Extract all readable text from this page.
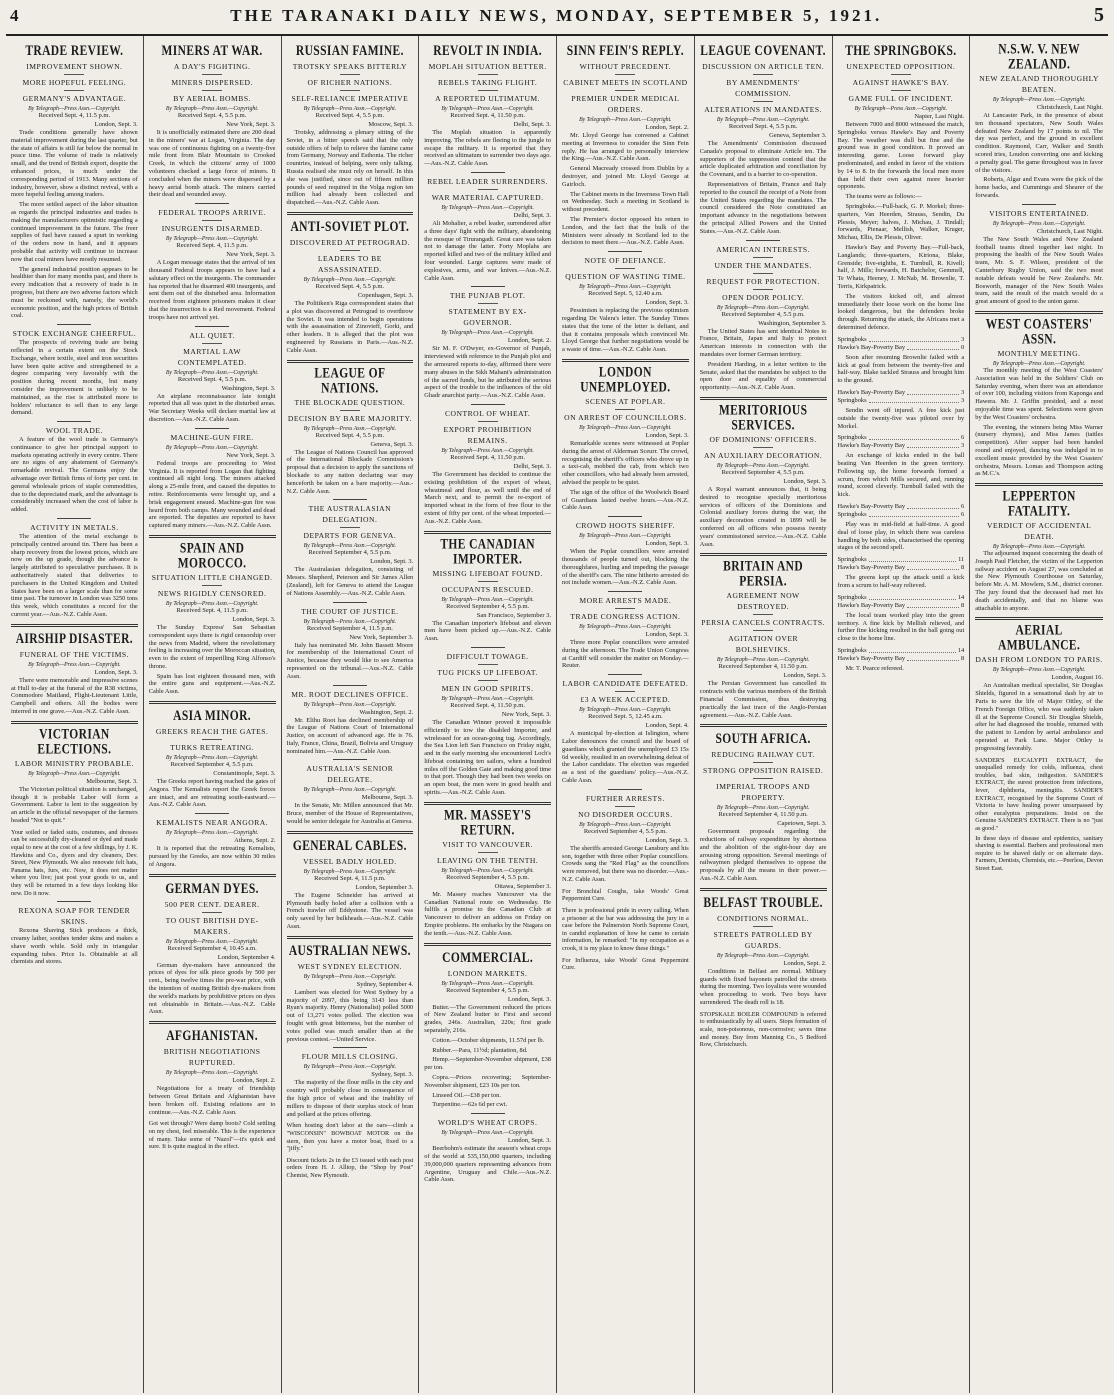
4	THE TARANAKI DAILY NEWS, MONDAY, SEPTEMBER 5, 1921.	5
TRADE REVIEW.
IMPROVEMENT SHOWN.
MORE HOPEFUL FEELING.
GERMANY'S ADVANTAGE.
By Telegraph—Press Assn.—Copyright.
Received Sept. 4, 11.5 p.m.
London, Sept. 3.

Trade conditions generally have shown material improvement during the last quarter, but the state of affairs is still far below the normal in peace time. The volume of trade is relatively small, and the trend of British export, despite the enhanced prices, is much under the corresponding period of 1913. Many sections of industry, however, show a distinct revival, with a more hopeful feeling among traders.

The more settled aspect of the labor situation as regards the principal industries and trades is making the manufacturers optimistic regarding a continued improvement in the future. The freer supplies of fuel have caused a spurt in working of the orders now in hand, and it appears probable that activity will continue to increase now that coal miners have mostly resumed.

The general industrial position appears to be healthier than for many months past, and there is every indication that a recovery of trade is in progress, but there are two adverse factors which must be reckoned with, namely, the world's economic position, and the high prices of British coal.

STOCK EXCHANGE CHEERFUL.

The prospects of reviving trade are being reflected in a certain extent on the Stock Exchange, where textile, steel and iron securities have been quite active and strengthened to a degree comparing very favorably with the position during recent months, but many consider the improvement is unlikely to be maintained, as the rise is attributed more to holders' reluctance to sell than to any large demand.

WOOL TRADE.

A feature of the wool trade is Germany's continuance to give her principal support to markets operating actively in every centre. There are no signs of any abatement of Germany's remarkable revival. The Germans enjoy the advantage over British firms of forty per cent. in general wholesale prices of staple commodities, due to the depreciated mark, and the advantage is considerably increased when the cost of labor is added.

ACTIVITY IN METALS.

The attention of the metal exchange is principally centred around tin. There has been a sharp recovery from the lowest prices, which are now on the up grade, though the advance is largely attributed to speculative purchases. It is authoritatively stated that deliveries to purchasers in the United Kingdom and United States have been on a larger scale than for some time past. The turnover in London was 3250 tons this week, which constitutes a record for the current year.—Aus.-N.Z. Cable Assn.

AIRSHIP DISASTER.
FUNERAL OF THE VICTIMS.
By Telegraph—Press Assn.—Copyright.
London, Sept. 3.

There were memorable and impressive scenes at Hull to-day at the funeral of the R38 victims, Commodore Maitland, Flight-Lieutenant Little, Campbell and others. All the bodies were interred in one grave.—Aus.-N.Z. Cable Assn.

VICTORIAN ELECTIONS.
LABOR MINISTRY PROBABLE.
By Telegraph—Press Assn.—Copyright.
Melbourne, Sept. 3.

The Victorian political situation is unchanged, though it is probable Labor will form a Government. Labor is lent to the suggestion by an article in the official newspaper of the farmers headed "Not to quit."

Your soiled or faded suits, costumes, and dresses can be successfully dry-cleaned or dyed and made equal to new at the cost of a few shillings, by J. K. Hawkins and Co., dyers and dry cleaners, Dev. Street, New Plymouth. We also renovate felt hats, Panama hats, furs, etc. Now, it does not matter where you live; just post your goods to us, and they will be returned in a few days looking like new. Do it now.

REXONA SOAP FOR TENDER SKINS.

Rexona Shaving Stick produces a thick, creamy lather, soothes tender skins and makes a shave worth while. Sold only in triangular expanding tubes. Price 1s. Obtainable at all chemists and stores.

MINERS AT WAR.
A DAY'S FIGHTING.
MINERS DISPERSED.
BY AERIAL BOMBS.
By Telegraph—Press Assn.—Copyright.
Received Sept. 4, 5.5 p.m.
New York, Sept. 3.

It is unofficially estimated there are 200 dead in the miners' war at Logan, Virginia. The day was one of continuous fighting on a twenty-five mile front from Blair Mountain to Crooked Creek, in which the citizens' army of 1000 volunteers checked a large force of miners. It concluded when the miners were dispersed by a heavy aerial bomb attack. The miners carried their dead and wounded away.

FEDERAL TROOPS ARRIVE.
INSURGENTS DISARMED.
By Telegraph—Press Assn.—Copyright.
Received Sept. 4, 11.5 p.m.
New York, Sept. 3.

A Logan message states that the arrival of ten thousand Federal troops appears to have had a salutary effect on the insurgents. The commander has reported that he disarmed 400 insurgents, and sent them out of the disturbed area. Information received from eighteen prisoners makes it clear that the insurrection is a Red movement. Federal troops have not arrived yet.

ALL QUIET.
MARTIAL LAW CONTEMPLATED.
By Telegraph—Press Assn.—Copyright.
Received Sept. 4, 5.5 p.m.
Washington, Sept. 3.

An airplane reconnaissance late tonight reported that all was quiet in the disturbed areas. War Secretary Weeks will declare martial law at discretion.—Aus.-N.Z. Cable Assn.

MACHINE-GUN FIRE.
By Telegraph—Press Assn.—Copyright.
New York, Sept. 3.

Federal troops are proceeding to West Virginia. It is reported from Logan that fighting continued all night long. The miners attacked along a 25-mile front, and caused the deputies to retire. Reinforcements were brought up, and a brisk engagement ensued. Machine-gun fire was heard from both camps. Many wounded and dead are reported. The deputies are reported to have captured many miners.—Aus.-N.Z. Cable Assn.

SPAIN AND MOROCCO.
SITUATION LITTLE CHANGED.
NEWS RIGIDLY CENSORED.
By Telegraph—Press Assn.—Copyright.
Received Sept. 4, 11.5 p.m.
London, Sept. 3.

The Sunday Express' San Sebastian correspondent says there is rigid censorship over the news from Madrid, where the revolutionary feeling is increasing over the Moroccan situation, even to the extent of imperilling King Alfonso's throne.

Spain has lost eighteen thousand men, with the entire guns and equipment.—Aus.-N.Z. Cable Assn.

ASIA MINOR.
GREEKS REACH THE GATES.
TURKS RETREATING.
By Telegraph—Press Assn.—Copyright.
Received September 4, 5.5 p.m.
Constantinople, Sept. 3.

The Greeks report having reached the gates of Angora. The Kemalists report the Greek forces are intact, and are retreating south-eastward.—Aus.-N.Z. Cable Assn.

KEMALISTS NEAR ANGORA.
By Telegraph—Press Assn.—Copyright.
Athens, Sept. 2.

It is reported that the retreating Kemalists, pursued by the Greeks, are now within 30 miles of Angora.

GERMAN DYES.
500 PER CENT. DEARER.
TO OUST BRITISH DYE-MAKERS.
By Telegraph—Press Assn.—Copyright.
Received September 4, 10.45 a.m.
London, September 4.

German dye-makers have announced the prices of dyes for silk piece goods by 500 per cent., being twelve times the pre-war price, with the intention of ousting British dye-makers from the world's markets by prohibitive prices on dyes not obtainable in Britain.—Aus.-N.Z. Cable Assn.

AFGHANISTAN.
BRITISH NEGOTIATIONS RUPTURED.
By Telegraph—Press Assn.—Copyright.
London, Sept. 2.

Negotiations for a treaty of friendship between Great Britain and Afghanistan have been broken off. Existing relations are to continue.—Aus.-N.Z. Cable Assn.

Got wet through? Were damp boots? Cold settling on my chest, feel miserable. This is the experience of many. Take some of "Nazol"—it's quick and sure. It is quite magical in the effect.

RUSSIAN FAMINE.
TROTSKY SPEAKS BITTERLY
OF RICHER NATIONS.
SELF-RELIANCE IMPERATIVE
By Telegraph—Press Assn.—Copyright.
Received Sept. 4, 5.5 p.m.
Moscow, Sept. 3.

Trotsky, addressing a plenary sitting of the Soviet, in a bitter speech said that the only outside offers of help to relieve the famine came from Germany, Norway and Esthonia. The richer countries, instead of helping, were only talking. Russia realised she must rely on herself. In this she was justified, since out of fifteen million pounds of seed required in the Volga region ten million had already been collected and dispatched.—Aus.-N.Z. Cable Assn.

ANTI-SOVIET PLOT.
DISCOVERED AT PETROGRAD.
LEADERS TO BE ASSASSINATED.
By Telegraph—Press Assn.—Copyright.
Received Sept. 4, 5.5 p.m.
Copenhagen, Sept. 3.

The Politiken's Riga correspondent states that a plot was discovered at Petrograd to overthrow the Soviet. It was intended to begin operations with the assassination of Zinovieff, Gorki, and other leaders. It is alleged that the plot was engineered by Russians in Paris.—Aus.-N.Z. Cable Assn.

LEAGUE OF NATIONS.
THE BLOCKADE QUESTION.
DECISION BY BARE MAJORITY.
By Telegraph—Press Assn.—Copyright.
Received Sept. 4, 5.5 p.m.
Geneva, Sept. 3.

The League of Nations Council has approved of the International Blockade Commission's proposal that a decision to apply the sanctions of blockade to any nation declaring war may henceforth be taken on a bare majority.—Aus.-N.Z. Cable Assn.

THE AUSTRALASIAN DELEGATION.
DEPARTS FOR GENEVA.
By Telegraph—Press Assn.—Copyright.
Received September 4, 5.5 p.m.
London, Sept. 3.

The Australasian delegation, consisting of Messrs. Shepherd, Peterson and Sir James Allen (Zealand), left for Geneva to attend the League of Nations Assembly.—Aus.-N.Z. Cable Assn.

THE COURT OF JUSTICE.
By Telegraph—Press Assn.—Copyright.
Received September 4, 11.5 p.m.
New York, September 3.

Italy has nominated Mr. John Bassett Moore for membership of the International Court of Justice, because they would like to see America represented on the tribunal.—Aus.-N.Z. Cable Assn.

MR. ROOT DECLINES OFFICE.
By Telegraph—Press Assn.—Copyright.
Washington, Sept. 2.

Mr. Elihu Root has declined membership of the League of Nations Court of International Justice, on account of advanced age. He is 76. Italy, France, China, Brazil, Bolivia and Uruguay nominated him.—Aus.-N.Z. Cable Assn.

AUSTRALIA'S SENIOR DELEGATE.
By Telegraph—Press Assn.—Copyright.
Melbourne, Sept. 3.

In the Senate, Mr. Millen announced that Mr. Bruce, member of the House of Representatives, would be senior delegate for Australia at Geneva.

GENERAL CABLES.
VESSEL BADLY HOLED.
By Telegraph—Press Assn.—Copyright.
Received Sept. 4, 11.5 p.m.
London, September 3.

The Eugene Schneider has arrived at Plymouth badly holed after a collision with a French trawler off Eddystone. The vessel was only saved by her bulkheads.—Aus.-N.Z. Cable Assn.

AUSTRALIAN NEWS.
WEST SYDNEY ELECTION.
By Telegraph—Press Assn.—Copyright.
Sydney, September 4.

Lambert was elected for West Sydney by a majority of 2097, this being 3143 less than Ryan's majority. Henry (Nationalist) polled 5000 out of 13,271 votes polled. The election was fought with great bitterness, but the number of votes polled was much smaller than at the previous contest.—United Service.

FLOUR MILLS CLOSING.
By Telegraph—Press Assn.—Copyright.
Sydney, Sept. 3.

The majority of the flour mills in the city and country will probably close in consequence of the high price of wheat and the inability of millers to dispose of their surplus stock of bran and pollard at the prices offering.

When hosting don't labor at the oars—climb a "WISCONSIN" BOWBOAT MOTOR on the stern, then you have a motor boat, fixed to a "jiffy."

Discount tickets 2s in the £3 issued with each post orders from H. J. Alltop, the "Shop by Post" Chemist, New Plymouth.

REVOLT IN INDIA.
MOPLAH SITUATION BETTER.
REBELS TAKING FLIGHT.
A REPORTED ULTIMATUM.
By Telegraph—Press Assn.—Copyright.
Received Sept. 4, 11.50 p.m.
Delhi, Sept. 3.

The Moplah situation is apparently improving. The rebels are fleeing to the jungle to escape the military. It is reported that they received an ultimatum to surrender two days ago.—Aus.-N.Z. Cable Assn.

REBEL LEADER SURRENDERS.
WAR MATERIAL CAPTURED.
By Telegraph—Press Assn.—Copyright.
Delhi, Sept. 3.

Ali Mohalier, a rebel leader, surrendered after a three days' fight with the military, abandoning the mosque of Tirurangadi. Great care was taken not to damage the latter. Forty Moplahs are reported killed and two of the military killed and four wounded. Large captures were made of explosives, arms, and war knives.—Aus.-N.Z. Cable Assn.

THE PUNJAB PLOT.
STATEMENT BY EX-GOVERNOR.
By Telegraph—Press Assn.—Copyright.
London, Sept. 2.

Sir M. F. O'Dwyer, ex-Governor of Punjab, interviewed with reference to the Punjab plot and the armoured reports to-day, affirmed there were many abuses in the Sikh Mahant's administration of the sacred funds, but he attributed the serious aspect of the trouble to the influences of the old Ghadr anarchist party.—Aus.-N.Z. Cable Assn.

CONTROL OF WHEAT.
EXPORT PROHIBITION REMAINS.
By Telegraph—Press Assn.—Copyright.
Received Sept. 4, 11.50 p.m.
Delhi, Sept. 3.

The Government has decided to continue the existing prohibition of the export of wheat, wheatmeal and flour, as well until the end of March next, and to permit the re-export of imported wheat in the form of free flour to the extent of fifty per cent. of the wheat imported.—Aus.-N.Z. Cable Assn.

THE CANADIAN IMPORTER.
MISSING LIFEBOAT FOUND.
OCCUPANTS RESCUED.
By Telegraph—Press Assn.—Copyright.
Received September 4, 5.5 p.m.
San Francisco, September 3.

The Canadian importer's lifeboat and eleven men have been picked up.—Aus.-N.Z. Cable Assn.

DIFFICULT TOWAGE.
TUG PICKS UP LIFEBOAT.
MEN IN GOOD SPIRITS.
By Telegraph—Press Assn.—Copyright.
Received Sept. 4, 11.50 p.m.
New York, Sept. 3.

The Canadian Winner proved it impossible efficiently to tow the disabled Importer, and wirelessed for an ocean-going tug. Accordingly, the Sea Lion left San Francisco on Friday night, and in the early morning she encountered Loch's lifeboat containing ten sailors, when a hundred miles off the Golden Gate and making good time to that port. Though they had been two weeks on an open boat, the men were in good health and spirits.—Aus.-N.Z. Cable Assn.

MR. MASSEY'S RETURN.
VISIT TO VANCOUVER.
LEAVING ON THE TENTH.
By Telegraph—Press Assn.—Copyright.
Received September 4, 5.5 p.m.
Ottawa, September 3.

Mr. Massey reaches Vancouver via the Canadian National route on Wednesday. He fulfils a promise to the Canadian Club at Vancouver to deliver an address on Friday on Empire problems. He embarks by the Niagara on the tenth.—Aus.-N.Z. Cable Assn.

COMMERCIAL.
LONDON MARKETS.
By Telegraph—Press Assn.—Copyright.
Received September 4, 5.5 p.m.
London, Sept. 3.

Butter.—The Government reduced the prices of New Zealand butter to First and second grades, 246s. Australian, 220s; first grade separately, 216s.

Cotton.—October shipments, 11.57d per lb.

Rubber.—Para, 11½d; plantation, 8d.

Hemp.—September-November shipment, £38 per ton.

Copra.—Prices recovering; September-November shipment, £23 10s per ton.

Linseed Oil.—£38 per ton.

Turpentine.—62s 6d per cwt.

WORLD'S WHEAT CROPS.
By Telegraph—Press Assn.—Copyright.
London, Sept. 3.

Beerbohm's estimate the season's wheat crops of the world at 535,150,000 quarters, including 39,000,000 quarters representing advances from Argentine, Uruguay and Chile.—Aus.-N.Z. Cable Assn.

SINN FEIN'S REPLY.
WITHOUT PRECEDENT.
CABINET MEETS IN SCOTLAND
PREMIER UNDER MEDICAL ORDERS.
By Telegraph—Press Assn.—Copyright.
London, Sept. 2.

Mr. Lloyd George has convened a Cabinet meeting at Inverness to consider the Sinn Fein reply. He has arranged to personally interview the King.—Aus.-N.Z. Cable Assn.

General Macready crossed from Dublin by a destroyer, and joined Mr. Lloyd George at Gairloch.

The Cabinet meets in the Inverness Town Hall on Wednesday. Such a meeting in Scotland is without precedent.

The Premier's doctor opposed his return to London, and the fact that the bulk of the Ministers were already in Scotland led to the decision to meet there.—Aus.-N.Z. Cable Assn.

NOTE OF DEFIANCE.
QUESTION OF WASTING TIME.
By Telegraph—Press Assn.—Copyright.
Received Sept. 5, 12.40 a.m.
London, Sept. 3.

Pessimism is replacing the previous optimism regarding De Valera's letter. The Sunday Times states that the tone of the letter is defiant, and that it contains proposals which convinced Mr. Lloyd George that further negotiations would be a waste of time.—Aus.-N.Z. Cable Assn.

LONDON UNEMPLOYED.
SCENES AT POPLAR.
ON ARREST OF COUNCILLORS.
By Telegraph—Press Assn.—Copyright.
London, Sept. 3.

Remarkable scenes were witnessed at Poplar during the arrest of Alderman Sceurr. The crowd, recognising the sheriff's officers who drove up in a taxi-cab, mobbed the cab, from which two other councillors, who had already been arrested, advised the people to be quiet.

The sign of the office of the Woolwich Board of Guardians lasted twelve hours.—Aus.-N.Z. Cable Assn.

CROWD HOOTS SHERIFF.
By Telegraph—Press Assn.—Copyright.
London, Sept. 3.

When the Poplar councillors were arrested thousands of people turned out, blocking the thoroughfares, hurling and impeding the passage of the sheriff's cars. The nine hitherto arrested do not include women.—Aus.-N.Z. Cable Assn.

MORE ARRESTS MADE.
TRADE CONGRESS ACTION.
By Telegraph—Press Assn.—Copyright.
London, Sept. 3.

Three more Poplar councillors were arrested during the afternoon. The Trade Union Congress at Cardiff will consider the matter on Monday.—Reuter.

LABOR CANDIDATE DEFEATED.
£3 A WEEK ACCEPTED.
By Telegraph—Press Assn.—Copyright.
Received Sept. 5, 12.45 a.m.
London, Sept. 4.

A municipal by-election at Islington, where Labor denounces the council and the board of guardians which granted the unemployed £3 15s 6d weekly, resulted in an overwhelming defeat of the Labor candidate. The election was regarded as a test of the guardians' policy.—Aus.-N.Z. Cable Assn.

FURTHER ARRESTS.
NO DISORDER OCCURS.
By Telegraph—Press Assn.—Copyright.
Received September 4, 5.5 p.m.
London, Sept. 3.

The sheriffs arrested George Lansbury and his son, together with three other Poplar councillors. Crowds sang the "Red Flag" as the councillors were removed, but there was no disorder.—Aus.-N.Z. Cable Assn.

For Bronchial Coughs, take Woods' Great Peppermint Cure.

There is professional pride in every calling. When a prisoner at the bar was addressing the jury in a case before the Palmerston North Supreme Court, in candid explanation of how he came to certain information, he remarked: "In my occupation as a crook, it is my place to know these things."

For Influenza, take Woods' Great Peppermint Cure.

LEAGUE COVENANT.
DISCUSSION ON ARTICLE TEN.
BY AMENDMENTS' COMMISSION.
ALTERATIONS IN MANDATES.
By Telegraph—Press Assn.—Copyright.
Received Sept. 4, 5.5 p.m.
Geneva, September 3.

The Amendments' Commission discussed Canada's proposal to eliminate Article ten. The supporters of the suppression contend that the article duplicated arbitration and conciliation by the Covenant, and is a barrier to co-operation.

Representatives of Britain, France and Italy reported to the council the receipt of a Note from the United States regarding the mandates. The council considered the Note constituted an important advance in the negotiations between the principal Allied Powers and the United States.—Aus.-N.Z. Cable Assn.

AMERICAN INTERESTS.
UNDER THE MANDATES.
REQUEST FOR PROTECTION.
OPEN DOOR POLICY.
By Telegraph—Press Assn.—Copyright.
Received September 4, 5.5 p.m.
Washington, September 3.

The United States has sent identical Notes to France, Britain, Japan and Italy to protect American interests in connection with the mandates over former German territory.

President Harding, in a letter written to the Senate, asked that the mandates be subject to the open door and equality of commercial opportunity.—Aus.-N.Z. Cable Assn.

MERITORIOUS SERVICES.
OF DOMINIONS' OFFICERS.
AN AUXILIARY DECORATION.
By Telegraph—Press Assn.—Copyright.
Received September 4, 5.5 p.m.
London, Sept. 3.

A Royal warrant announces that, it being desired to recognise specially meritorious services of officers of the Dominions and Colonial auxiliary forces during the war, the auxiliary decoration created in 1899 will be conferred on all officers who possess twenty years' commissioned service.—Aus.-N.Z. Cable Assn.

BRITAIN AND PERSIA.
AGREEMENT NOW DESTROYED.
PERSIA CANCELS CONTRACTS.
AGITATION OVER BOLSHEVIKS.
By Telegraph—Press Assn.—Copyright.
Received September 4, 11.50 p.m.
London, Sept. 3.

The Persian Government has cancelled its contracts with the various members of the British Financial Commission, thus destroying practically the last trace of the Anglo-Persian agreement.—Aus.-N.Z. Cable Assn.

SOUTH AFRICA.
REDUCING RAILWAY CUT.
STRONG OPPOSITION RAISED.
IMPERIAL TROOPS AND PROPERTY.
By Telegraph—Press Assn.—Copyright.
Received September 4, 11.50 p.m.
Capetown, Sept. 3.

Government proposals regarding the reductions of railway expenditure by shortness and the abolition of the eight-hour day are arousing strong opposition. Several meetings of railwaymen pledged themselves to oppose the proposals by all the means in their power.—Aus.-N.Z. Cable Assn.

BELFAST TROUBLE.
CONDITIONS NORMAL.
STREETS PATROLLED BY GUARDS.
By Telegraph—Press Assn.—Copyright.
London, Sept. 2.

Conditions in Belfast are normal. Military guards with fixed bayonets patrolled the streets during the morning. Two loyalists were wounded when proceeding to work. Two boys have surrendered. The death roll is 18.

STOPSKALE BOILER COMPOUND is referred to enthusiastically by all users. Stops formation of scale, non-poisonous, non-corrosive; saves time and money. Buy from Manning Co., 5 Bedford Row, Christchurch.

THE SPRINGBOKS.
UNEXPECTED OPPOSITION.
AGAINST HAWKE'S BAY.
GAME FULL OF INCIDENT.
By Telegraph—Press Assn.—Copyright.
Napier, Last Night.

Between 7000 and 8000 witnessed the match, Springboks versus Hawke's Bay and Poverty Bay. The weather was dull but fine and the ground was in good condition. It proved an interesting game. Loose forward play predominated, and ended in favor of the visitors by 14 to 8. In the forwards the local men more than held their own against more heavier opponents.

The teams were as follows:—

Springboks.—Full-back, G. P. Morkel; three-quarters, Van Heerden, Strauss, Sendin, Du Plessis, Meyer; halves, J. Michau, J. Tindall; forwards, Pienaar, Mellish, Walker, Kruger, Michau, Ellis, De Plessis, Oliver.

Hawke's Bay and Poverty Bay.—Full-back, Langlands; three-quarters, Kiriona, Blake, Grenside; five-eighths, E. Turnbull, R. Kivell; half, J. Mills; forwards, H. Batchelor, Gemmell, Te Whata, Heeney, J. McNab, M. Brownlie, T. Terris, Kirkpatrick.

The visitors kicked off, and almost immediately their loose work on the home line looked dangerous, but the defenders broke through. Returning the attack, the Africans met a determined defence.

Springboks	3
Hawke's Bay-Poverty Bay	0

Soon after resuming Brownlie failed with a kick at goal from between the twenty-five and half-way. Blake tackled Strauss and brought him to the ground.

Hawke's Bay-Poverty Bay	3
Springboks	3

Sendin went off injured. A free kick just outside the twenty-five was piloted over by Morkel.

Springboks	6
Hawke's Bay-Poverty Bay	3

An exchange of kicks ended in the ball beating Van Heerden in the green territory. Following up, the home forwards formed a scrum, from which Mills secured, and, running round, scored cleverly. Turnbull failed with the kick.

Hawke's Bay-Poverty Bay	6
Springboks	6

Play was in mid-field at half-time. A good deal of loose play, in which there was careless handling by both sides, characterised the opening stages of the second spell.

Springboks	11
Hawke's Bay-Poverty Bay	8

The greens kept up the attack until a kick from a scrum to half-way relieved.

Springboks	14
Hawke's Bay-Poverty Bay	8

The local team worked play into the green territory. A fine kick by Mellish relieved, and further fine kicking resulted in the ball going out close to the home line.

Springboks	14
Hawke's Bay-Poverty Bay	8

Mr. T. Pearce refereed.

N.S.W. V. NEW ZEALAND.
NEW ZEALAND THOROUGHLY BEATEN.
By Telegraph—Press Assn.—Copyright.
Christchurch, Last Night.

At Lancaster Park, in the presence of about ten thousand spectators, New South Wales defeated New Zealand by 17 points to nil. The day was perfect, and the ground in excellent condition. Raymond, Carr, Walker and Smith scored tries, Loudon converting one and kicking a penalty goal. The game throughout was in favor of the visitors.

Roberts, Algar and Evans were the pick of the home backs, and Cummings and Shearer of the forwards.

VISITORS ENTERTAINED.
By Telegraph—Press Assn.—Copyright.
Christchurch, Last Night.

The New South Wales and New Zealand football teams dined together last night. In proposing the health of the New South Wales team, Mr. S. F. Wilson, president of the Canterbury Rugby Union, said the two most notable defeats would be New Zealand's. Mr. Bosworth, manager of the New South Wales team, said the result of the match would do a great amount of good to the union game.

WEST COASTERS' ASSN.
MONTHLY MEETING.
By Telegraph—Press Assn.—Copyright.

The monthly meeting of the West Coasters' Association was held in the Soldiers' Club on Saturday evening, when there was an attendance of over 100, including visitors from Kaponga and Hawera. Mr. J. Griffin presided, and a most enjoyable time was spent. Selections were given by the West Coasters' orchestra.

The evening, the winners being Miss Warner (nursery rhymes), and Miss James (tattles competition). After supper had been handed round and enjoyed, dancing was indulged in to excellent music provided by the West Coasters' orchestra, Messrs. Lomas and Thompson acting as M.C.'s.

LEPPERTON FATALITY.
VERDICT OF ACCIDENTAL DEATH.
By Telegraph—Press Assn.—Copyright.

The adjourned inquest concerning the death of Joseph Paul Fletcher, the victim of the Lepperton railway accident on August 27, was concluded at the New Plymouth Courthouse on Saturday, before Mr. A. M. Mowlem, S.M., district coroner. The jury found that the deceased had met his death accidentally, and that no blame was attachable to anyone.

AERIAL AMBULANCE.
DASH FROM LONDON TO PARIS.
By Telegraph—Press Assn.—Copyright.
London, August 16.

An Australian medical specialist, Sir Douglas Shields, figured in a sensational dash by air to Paris to save the life of Major Ottley, of the French Foreign Office, who was suddenly taken ill at the Supreme Council. Sir Douglas Shields, after he had diagnosed the trouble, returned with the patient to London by aerial ambulance and operated at Park Lane. Major Ottley is progressing favorably.

SANDER'S EUCALYPTI EXTRACT, the unequalled remedy for colds, influenza, chest troubles, bad skin, indigestion. SANDER'S EXTRACT, the surest protection from infections, fever, diphtheria, meningitis. SANDER'S EXTRACT, recognised by the Supreme Court of Victoria to have healing power unsurpassed by other eucalyptus preparations. Insist on the Genuine SANDER'S EXTRACT. There is no "just as good."

In these days of disease and epidemics, sanitary shaving is essential. Barbers and professional men require to be shaved daily or on alternate days. Farmers, Dentists, Chemists, etc.—Peerless, Devon Street East.
